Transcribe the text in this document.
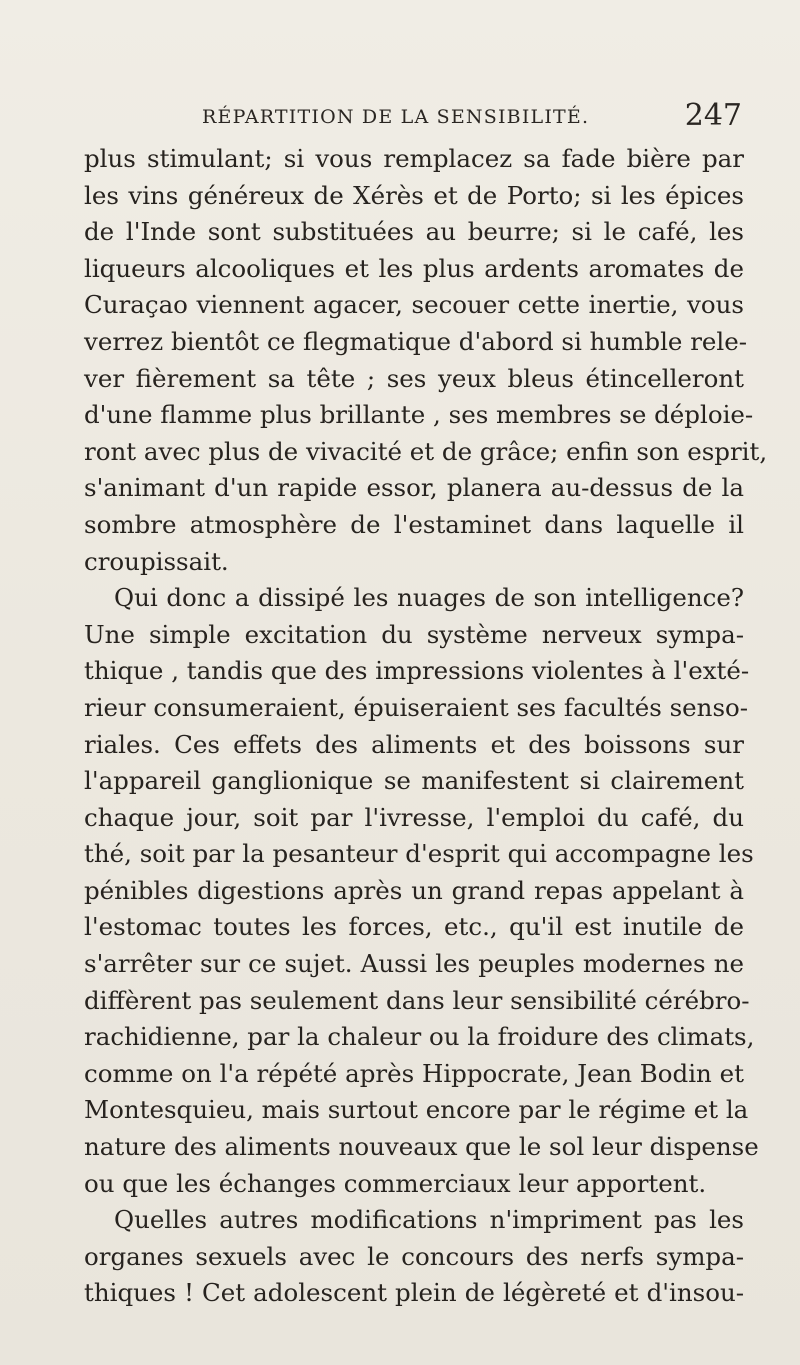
RÉPARTITION DE LA SENSIBILITÉ.	247
plus stimulant; si vous remplacez sa fade bière par
les vins généreux de Xérès et de Porto; si les épices
de l'Inde sont substituées au beurre; si le café, les
liqueurs alcooliques et les plus ardents aromates de
Curaçao viennent agacer, secouer cette inertie, vous
verrez bientôt ce flegmatique d'abord si humble rele-
ver fièrement sa tête ; ses yeux bleus étincelleront
d'une flamme plus brillante , ses membres se déploie-
ront avec plus de vivacité et de grâce; enfin son esprit,
s'animant d'un rapide essor, planera au-dessus de la
sombre atmosphère de l'estaminet dans laquelle il
croupissait.
Qui donc a dissipé les nuages de son intelligence?
Une simple excitation du système nerveux sympa-
thique , tandis que des impressions violentes à l'exté-
rieur consumeraient, épuiseraient ses facultés senso-
riales. Ces effets des aliments et des boissons sur
l'appareil ganglionique se manifestent si clairement
chaque jour, soit par l'ivresse, l'emploi du café, du
thé, soit par la pesanteur d'esprit qui accompagne les
pénibles digestions après un grand repas appelant à
l'estomac toutes les forces, etc., qu'il est inutile de
s'arrêter sur ce sujet. Aussi les peuples modernes ne
diffèrent pas seulement dans leur sensibilité cérébro-
rachidienne, par la chaleur ou la froidure des climats,
comme on l'a répété après Hippocrate, Jean Bodin et
Montesquieu, mais surtout encore par le régime et la
nature des aliments nouveaux que le sol leur dispense
ou que les échanges commerciaux leur apportent.
Quelles autres modifications n'impriment pas les
organes sexuels avec le concours des nerfs sympa-
thiques ! Cet adolescent plein de légèreté et d'insou-
